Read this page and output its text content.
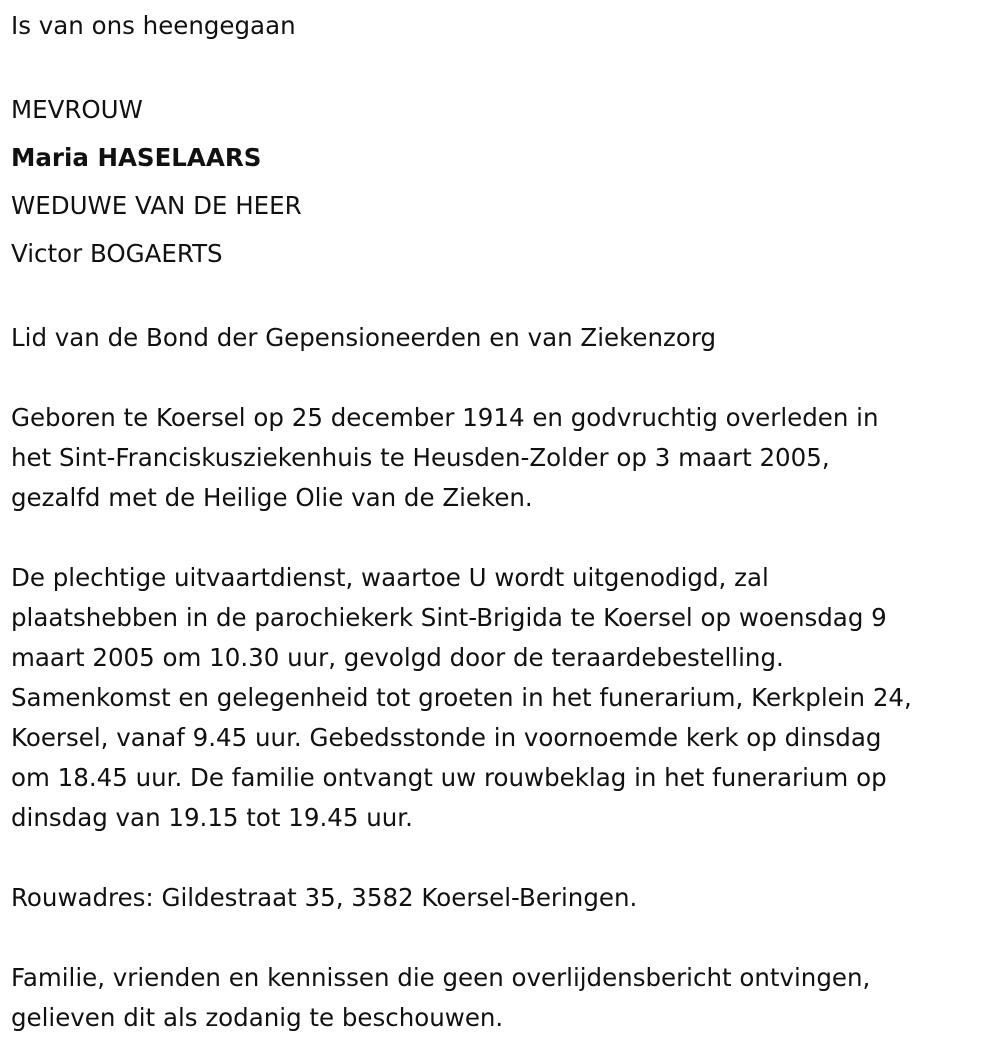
Is van ons heengegaan
MEVROUW
Maria HASELAARS
WEDUWE VAN DE HEER
Victor BOGAERTS
Lid van de Bond der Gepensioneerden en van Ziekenzorg
Geboren te Koersel op 25 december 1914 en godvruchtig overleden in
het Sint-Franciskusziekenhuis te Heusden-Zolder op 3 maart 2005,
gezalfd met de Heilige Olie van de Zieken.
De plechtige uitvaartdienst, waartoe U wordt uitgenodigd, zal
plaatshebben in de parochiekerk Sint-Brigida te Koersel op woensdag 9
maart 2005 om 10.30 uur, gevolgd door de teraardebestelling.
Samenkomst en gelegenheid tot groeten in het funerarium, Kerkplein 24,
Koersel, vanaf 9.45 uur. Gebedsstonde in voornoemde kerk op dinsdag
om 18.45 uur. De familie ontvangt uw rouwbeklag in het funerarium op
dinsdag van 19.15 tot 19.45 uur.
Rouwadres: Gildestraat 35, 3582 Koersel-Beringen.
Familie, vrienden en kennissen die geen overlijdensbericht ontvingen,
gelieven dit als zodanig te beschouwen.
